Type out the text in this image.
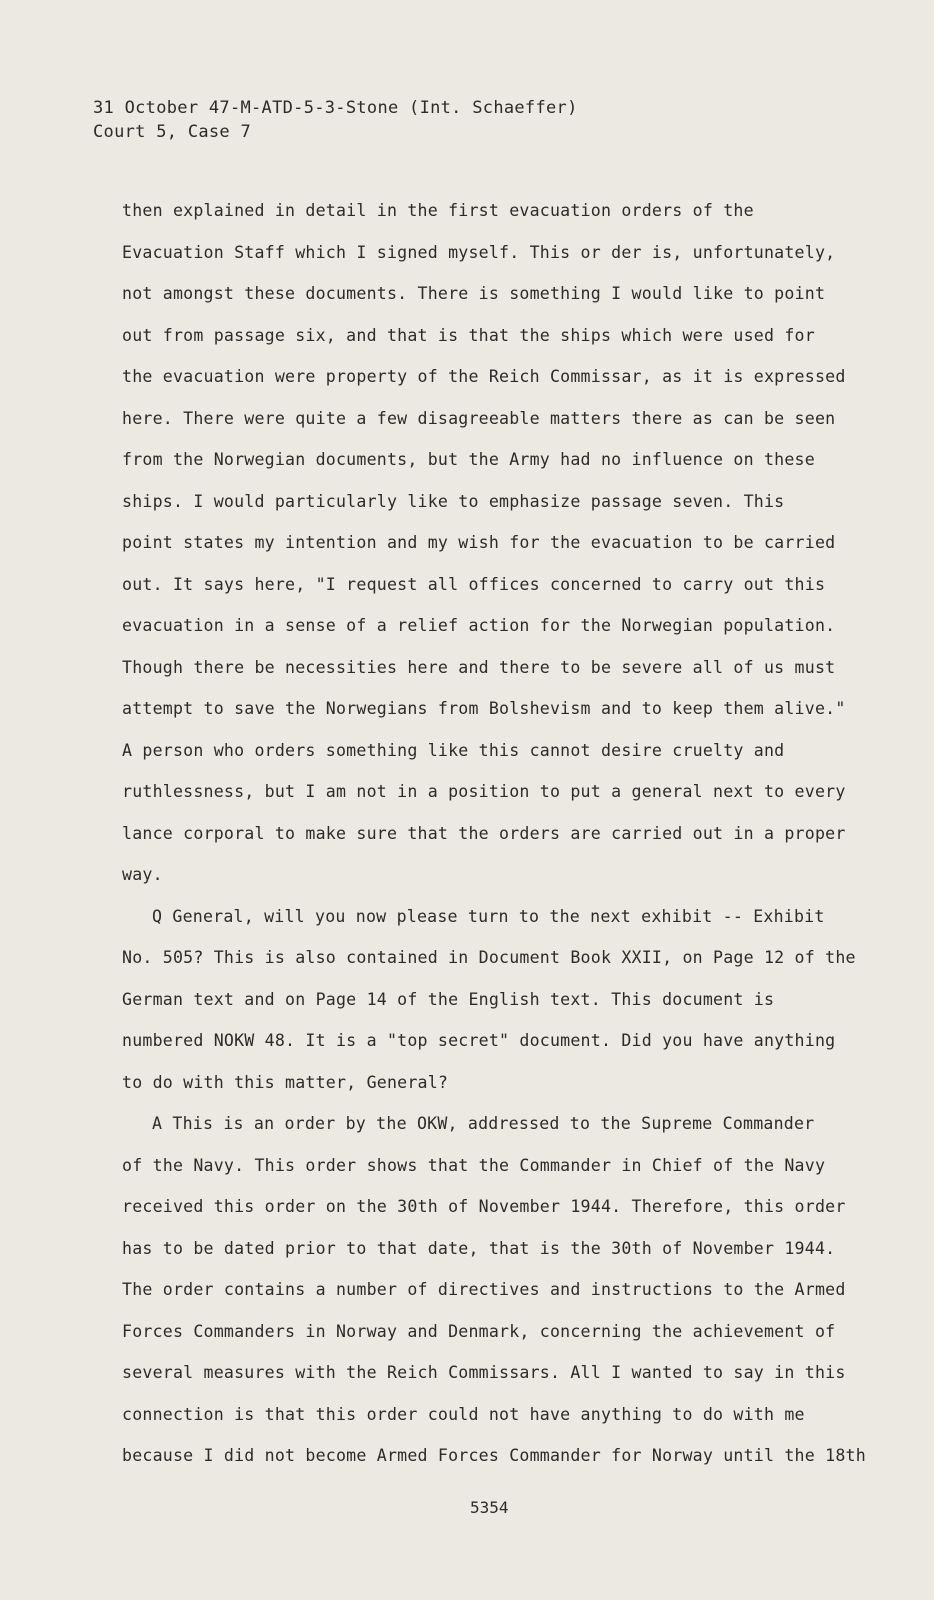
31 October 47-M-ATD-5-3-Stone (Int. Schaeffer)
Court 5, Case 7
then explained in detail in the first evacuation orders of the
Evacuation Staff which I signed myself. This or der is, unfortunately,
not amongst these documents. There is something I would like to point
out from passage six, and that is that the ships which were used for
the evacuation were property of the Reich Commissar, as it is expressed
here. There were quite a few disagreeable matters there as can be seen
from the Norwegian documents, but the Army had no influence on these
ships. I would particularly like to emphasize passage seven. This
point states my intention and my wish for the evacuation to be carried
out. It says here, "I request all offices concerned to carry out this
evacuation in a sense of a relief action for the Norwegian population.
Though there be necessities here and there to be severe all of us must
attempt to save the Norwegians from Bolshevism and to keep them alive."
A person who orders something like this cannot desire cruelty and
ruthlessness, but I am not in a position to put a general next to every
lance corporal to make sure that the orders are carried out in a proper
way.
Q General, will you now please turn to the next exhibit -- Exhibit
No. 505? This is also contained in Document Book XXII, on Page 12 of the
German text and on Page 14 of the English text. This document is
numbered NOKW 48. It is a "top secret" document. Did you have anything
to do with this matter, General?
A This is an order by the OKW, addressed to the Supreme Commander
of the Navy. This order shows that the Commander in Chief of the Navy
received this order on the 30th of November 1944. Therefore, this order
has to be dated prior to that date, that is the 30th of November 1944.
The order contains a number of directives and instructions to the Armed
Forces Commanders in Norway and Denmark, concerning the achievement of
several measures with the Reich Commissars. All I wanted to say in this
connection is that this order could not have anything to do with me
because I did not become Armed Forces Commander for Norway until the 18th
5354
